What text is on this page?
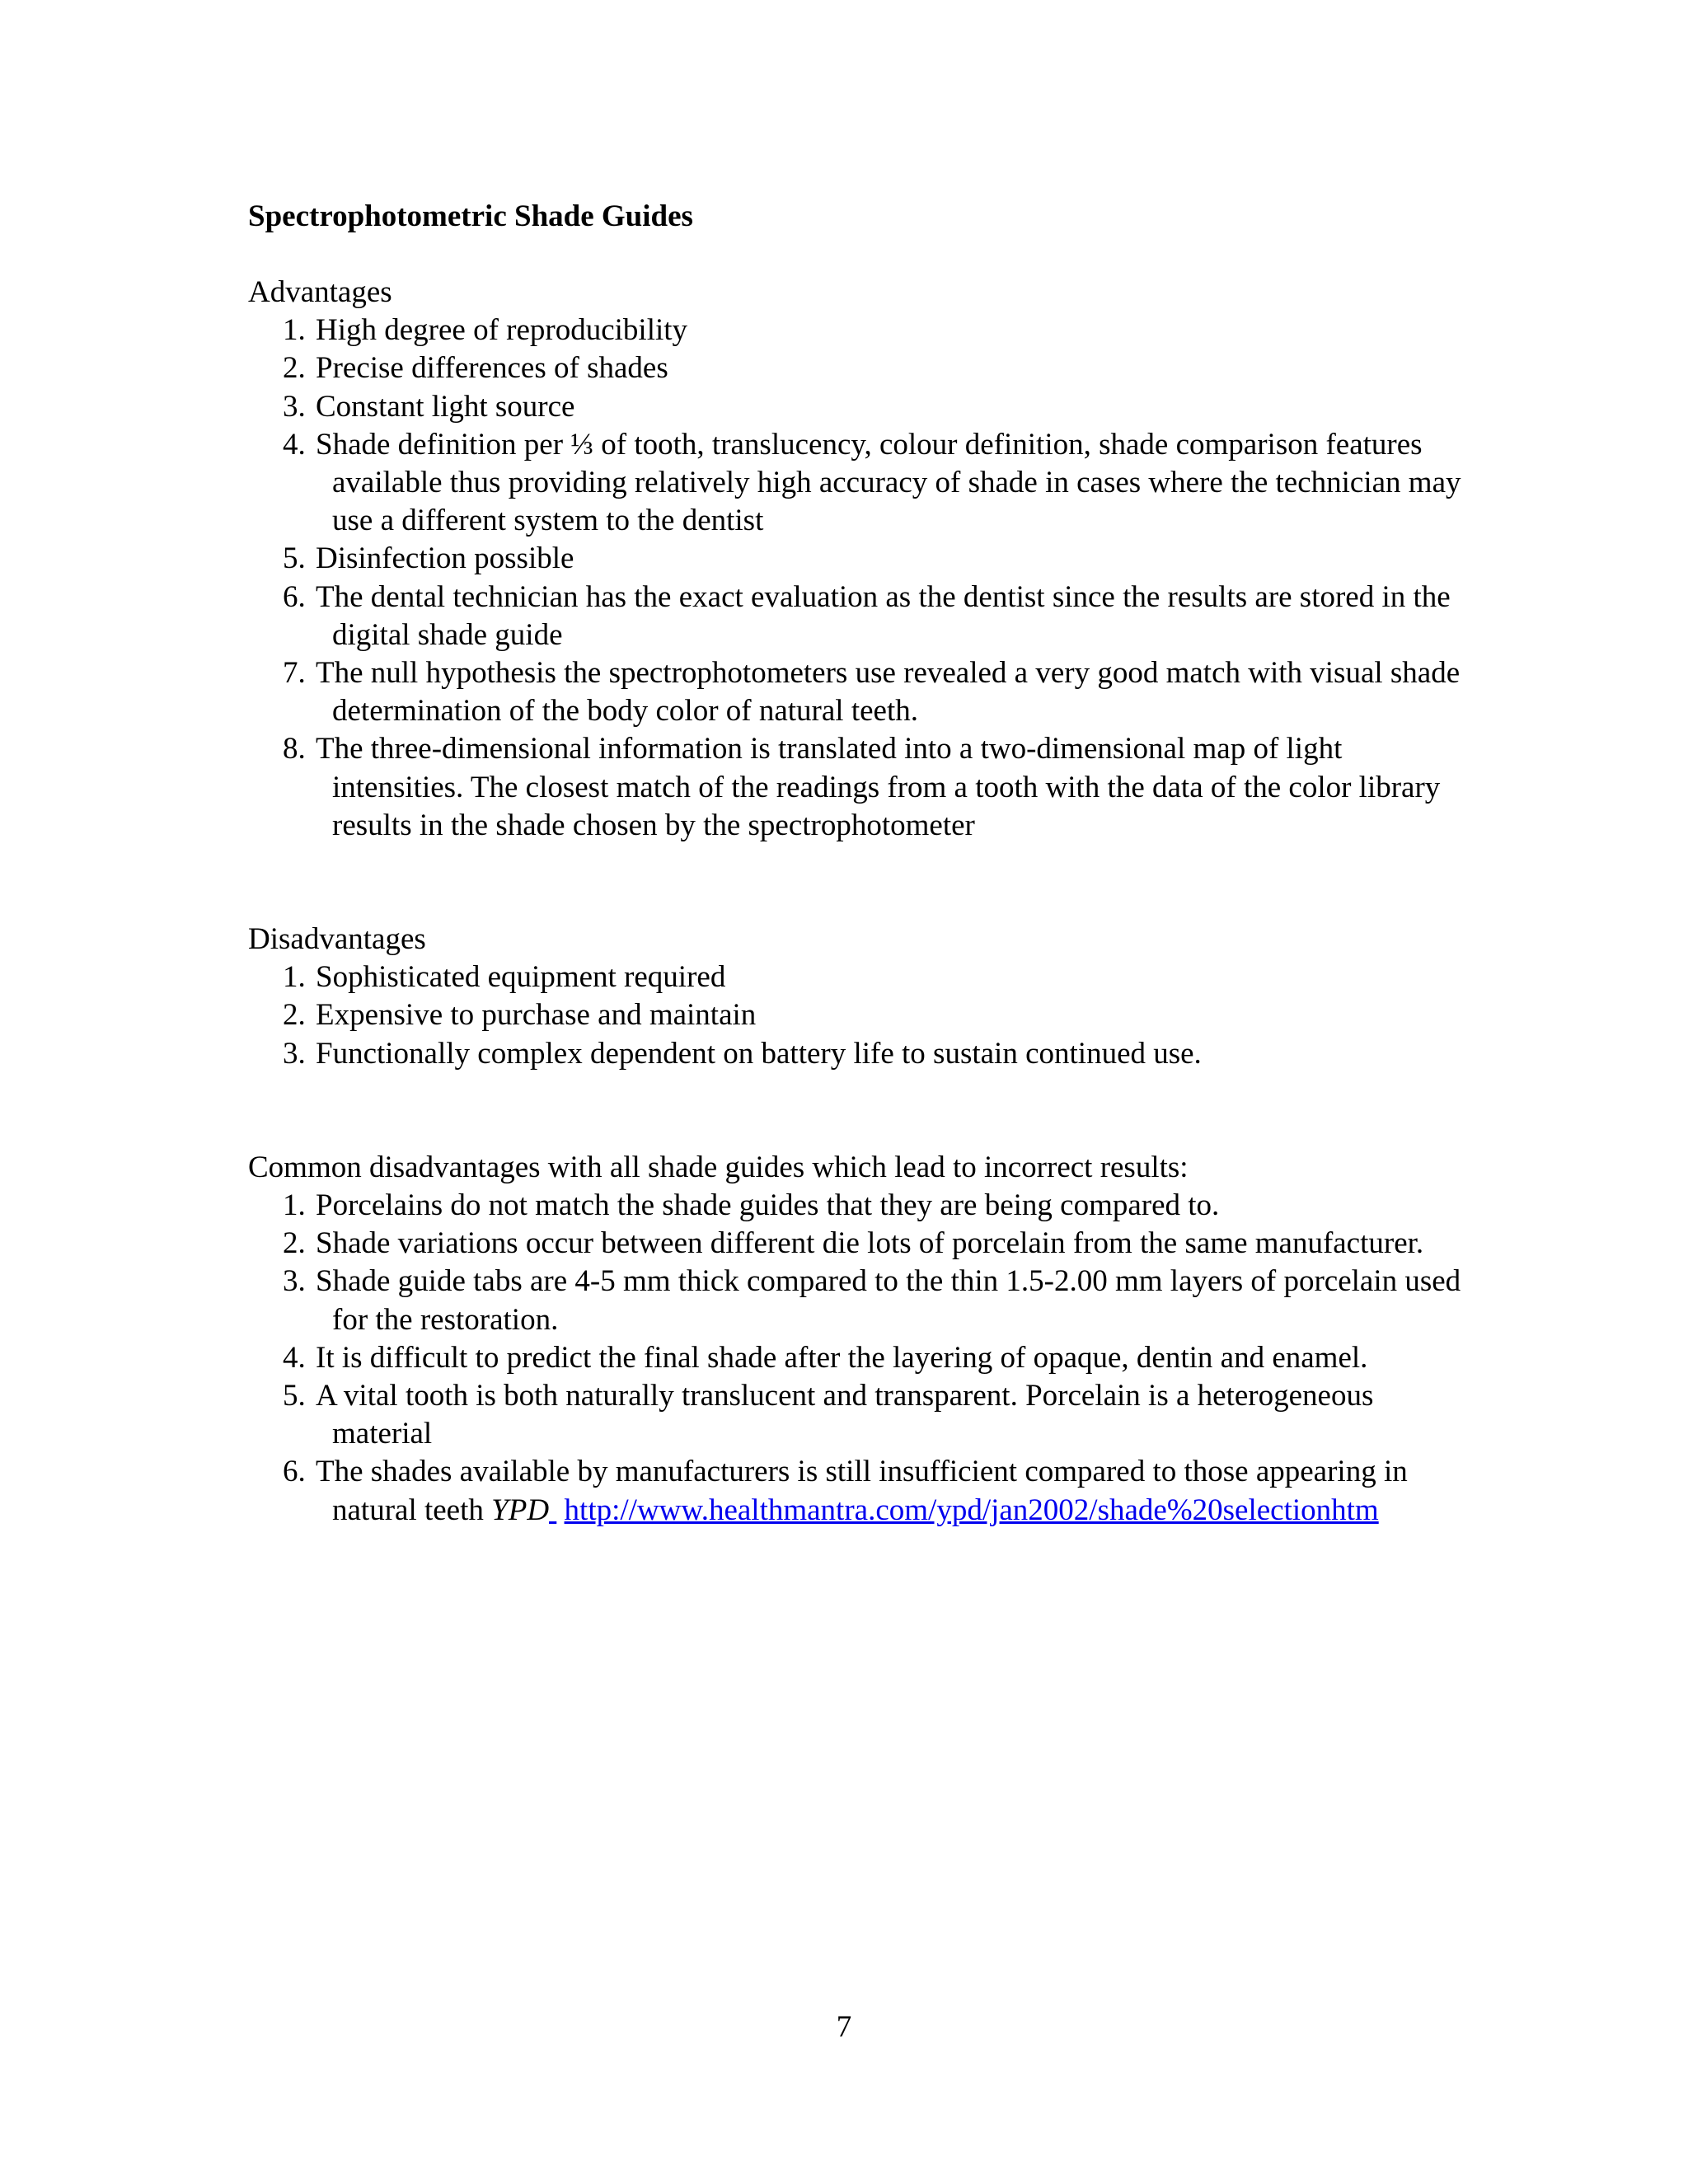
Spectrophotometric Shade Guides
Advantages
1. High degree of reproducibility
2. Precise differences of shades
3. Constant light source
4. Shade definition per ⅓ of tooth, translucency, colour definition, shade comparison features available thus providing relatively high accuracy of shade in cases where the technician may use a different system to the dentist
5. Disinfection possible
6. The dental technician has the exact evaluation as the dentist since the results are stored in the digital shade guide
7. The null hypothesis the spectrophotometers use revealed a very good match with visual shade determination of the body color of natural teeth.
8. The three-dimensional information is translated into a two-dimensional map of light intensities. The closest match of the readings from a tooth with the data of the color library results in the shade chosen by the spectrophotometer
Disadvantages
1. Sophisticated equipment required
2. Expensive to purchase and maintain
3. Functionally complex dependent on battery life to sustain continued use.
Common disadvantages with all shade guides which lead to incorrect results:
1. Porcelains do not match the shade guides that they are being compared to.
2. Shade variations occur between different die lots of porcelain from the same manufacturer.
3. Shade guide tabs are 4-5 mm thick compared to the thin 1.5-2.00 mm layers of porcelain used for the restoration.
4. It is difficult to predict the final shade after the layering of opaque, dentin and enamel.
5. A vital tooth is both naturally translucent and transparent. Porcelain is a heterogeneous material
6. The shades available by manufacturers is still insufficient compared to those appearing in natural teeth YPD http://www.healthmantra.com/ypd/jan2002/shade%20selectionhtm
7
